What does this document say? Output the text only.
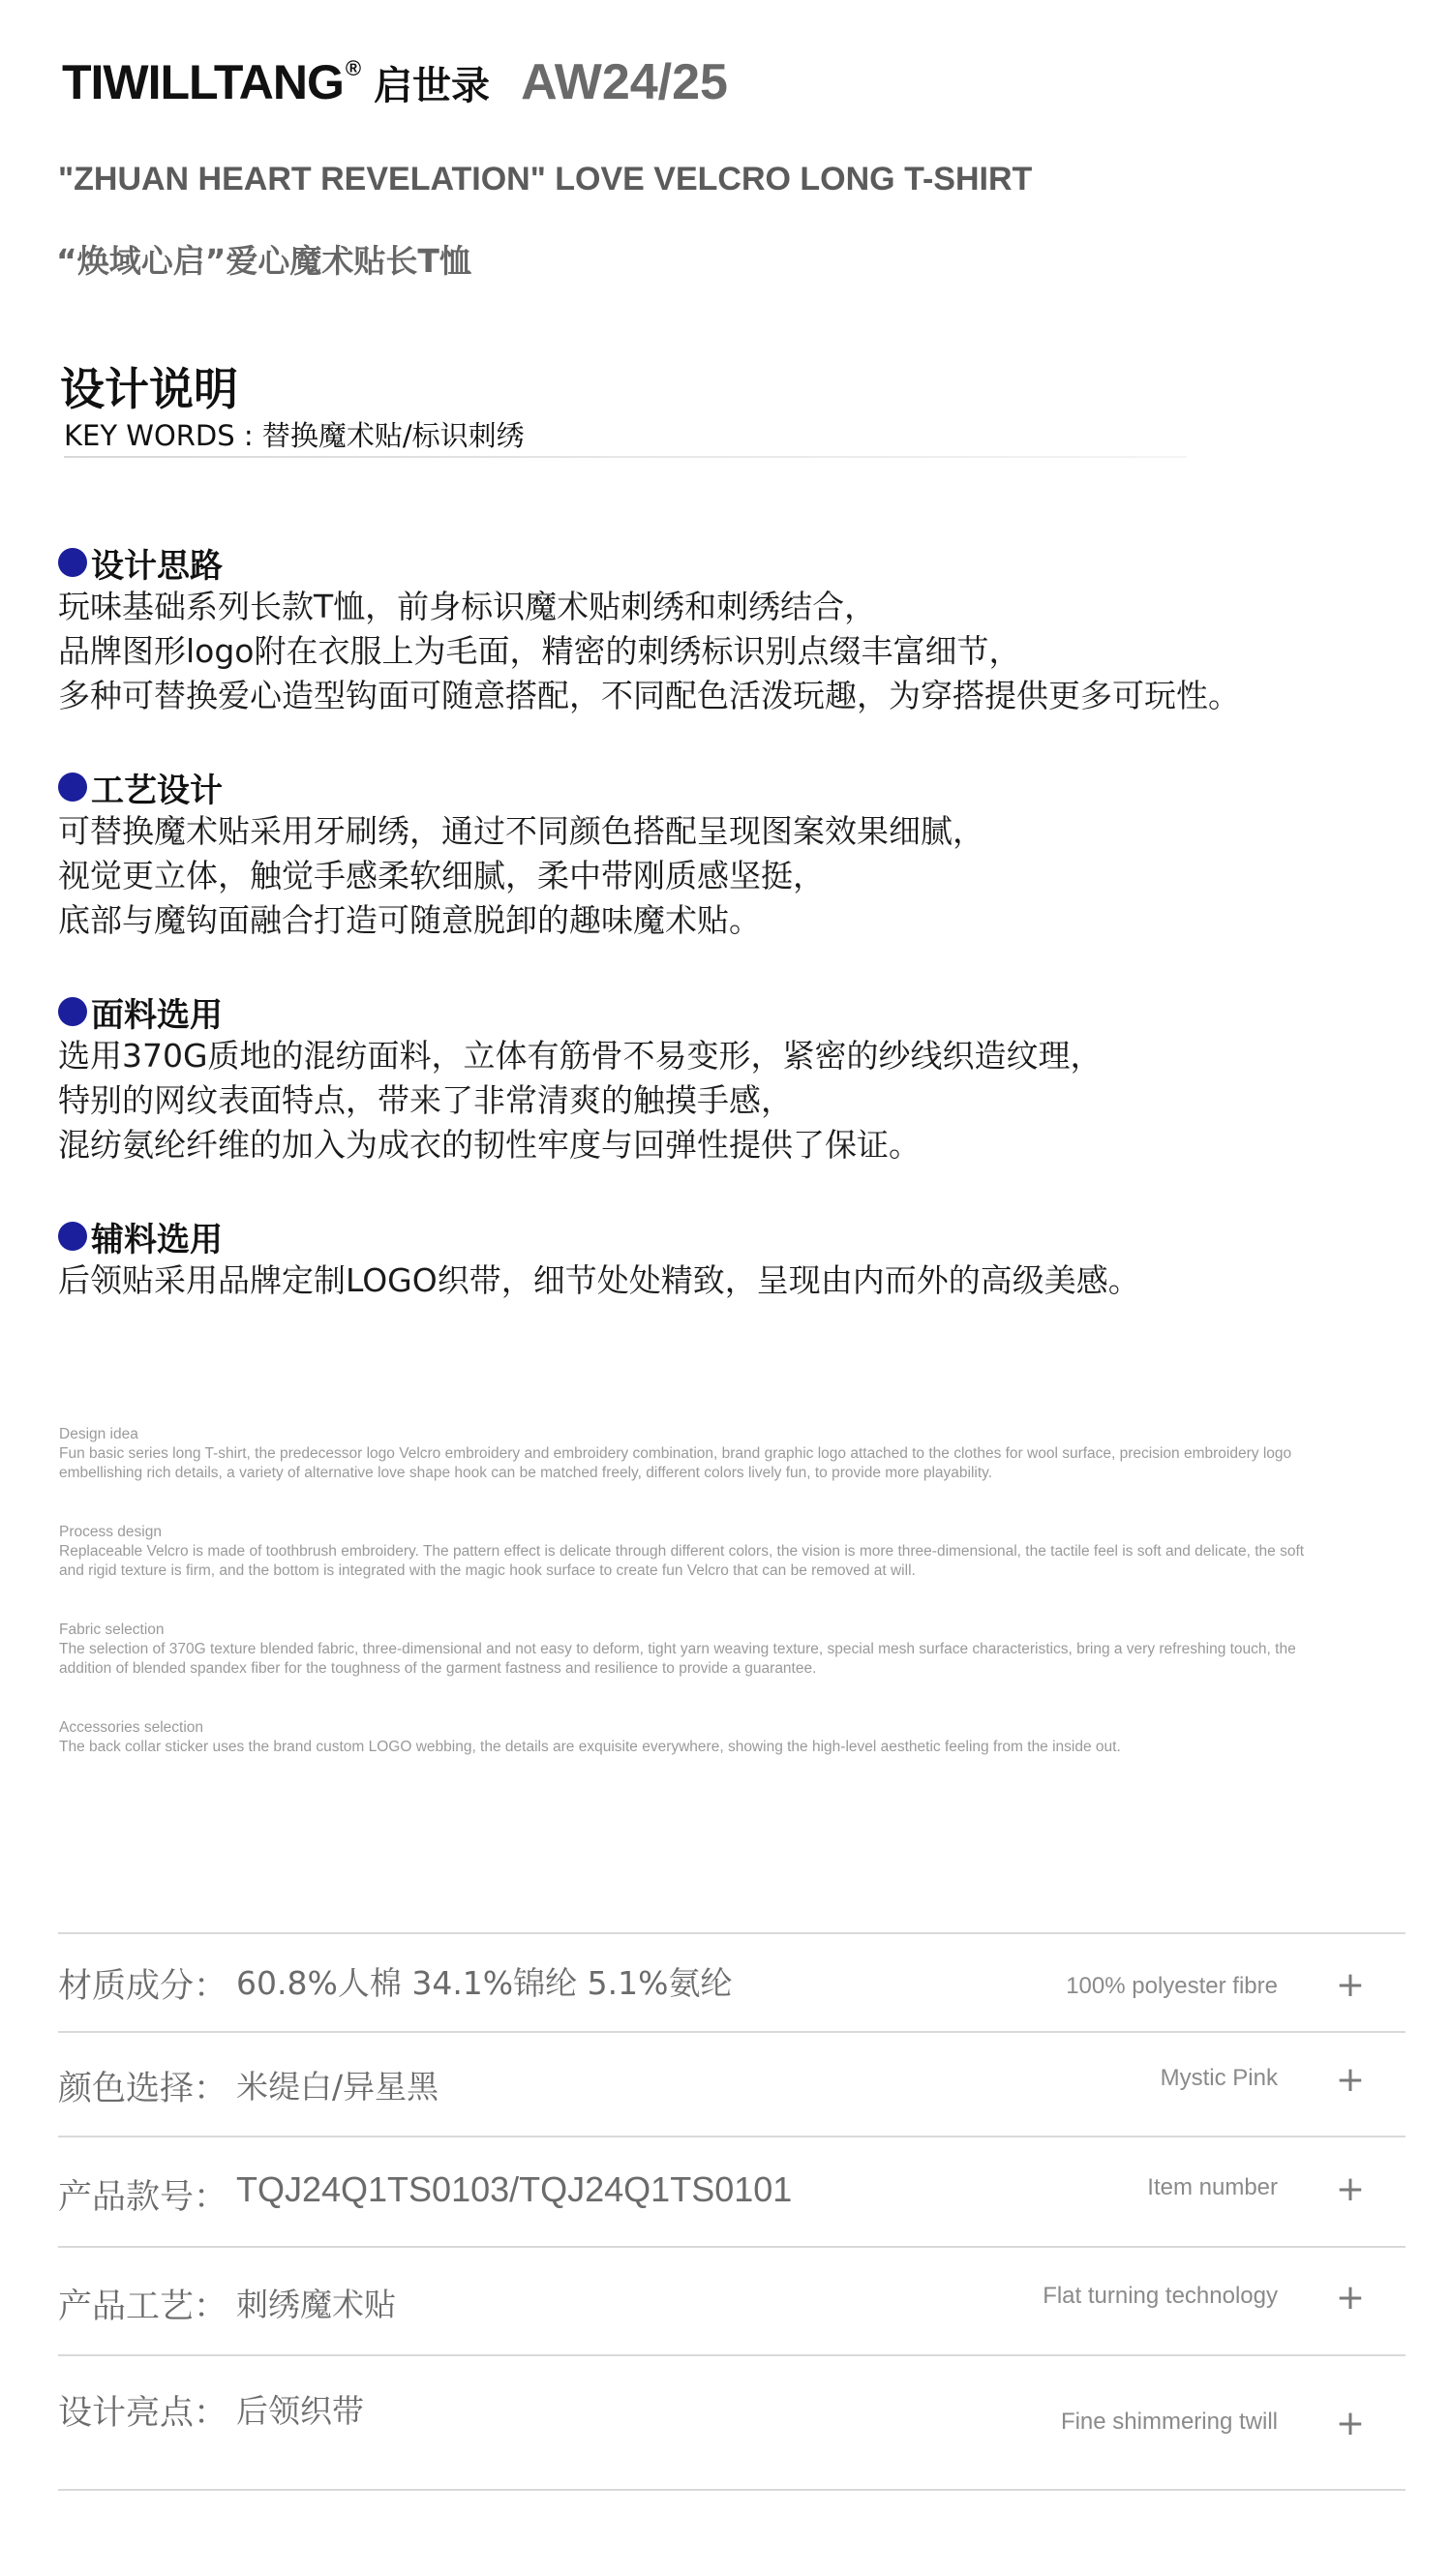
TIWILLTANG® 启世录 AW24/25
"ZHUAN HEART REVELATION" LOVE VELCRO LONG T-SHIRT
“焕域心启”爱心魔术贴长T恤
设计说明
KEY WORDS : 替换魔术贴/标识刺绣
设计思路
玩味基础系列长款T恤，前身标识魔术贴刺绣和刺绣结合，
品牌图形logo附在衣服上为毛面，精密的刺绣标识别点缀丰富细节，
多种可替换爱心造型钩面可随意搭配，不同配色活泼玩趣，为穿搭提供更多可玩性。
工艺设计
可替换魔术贴采用牙刷绣，通过不同颜色搭配呈现图案效果细腻，
视觉更立体，触觉手感柔软细腻，柔中带刚质感坚挺，
底部与魔钩面融合打造可随意脱卸的趣味魔术贴。
面料选用
选用370G质地的混纺面料，立体有筋骨不易变形，紧密的纱线织造纹理，
特别的网纹表面特点，带来了非常清爽的触摸手感，
混纺氨纶纤维的加入为成衣的韧性牢度与回弹性提供了保证。
辅料选用
后领贴采用品牌定制LOGO织带，细节处处精致，呈现由内而外的高级美感。
Design idea
Fun basic series long T-shirt, the predecessor logo Velcro embroidery and embroidery combination, brand graphic logo attached to the clothes for wool surface, precision embroidery logo embellishing rich details, a variety of alternative love shape hook can be matched freely, different colors lively fun, to provide more playability.
Process design
Replaceable Velcro is made of toothbrush embroidery. The pattern effect is delicate through different colors, the vision is more three-dimensional, the tactile feel is soft and delicate, the soft and rigid texture is firm, and the bottom is integrated with the magic hook surface to create fun Velcro that can be removed at will.
Fabric selection
The selection of 370G texture blended fabric, three-dimensional and not easy to deform, tight yarn weaving texture, special mesh surface characteristics, bring a very refreshing touch, the addition of blended spandex fiber for the toughness of the garment fastness and resilience to provide a guarantee.
Accessories selection
The back collar sticker uses the brand custom LOGO webbing, the details are exquisite everywhere, showing the high-level aesthetic feeling from the inside out.
材质成分： 60.8%人棉 34.1%锦纶 5.1%氨纶	100% polyester fibre +
颜色选择： 米缇白/异星黑	Mystic Pink +
产品款号： TQJ24Q1TS0103/TQJ24Q1TS0101	Item number +
产品工艺： 刺绣魔术贴	Flat turning technology +
设计亮点： 后领织带	Fine shimmering twill +
